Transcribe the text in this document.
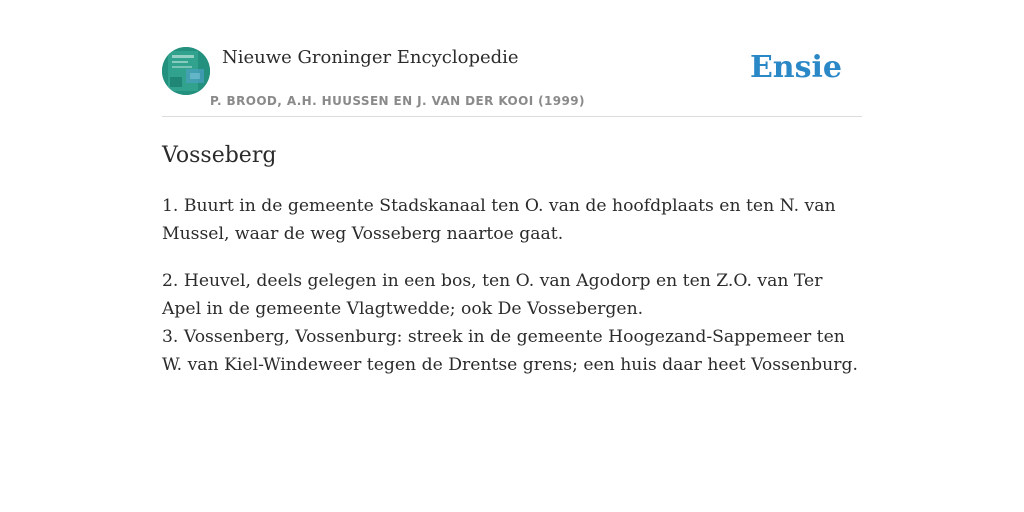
Nieuwe Groninger Encyclopedie
P. BROOD, A.H. HUUSSEN EN J. VAN DER KOOI (1999)
Ensie
Vosseberg

1. Buurt in de gemeente Stadskanaal ten O. van de hoofdplaats en ten N. van Mussel, waar de weg Vosseberg naartoe gaat.

2. Heuvel, deels gelegen in een bos, ten O. van Agodorp en ten Z.O. van Ter Apel in de gemeente Vlagtwedde; ook De Vossebergen.

3. Vossenberg, Vossenburg: streek in de gemeente Hoogezand-Sappemeer ten W. van Kiel-Windeweer tegen de Drentse grens; een huis daar heet Vossenburg.
